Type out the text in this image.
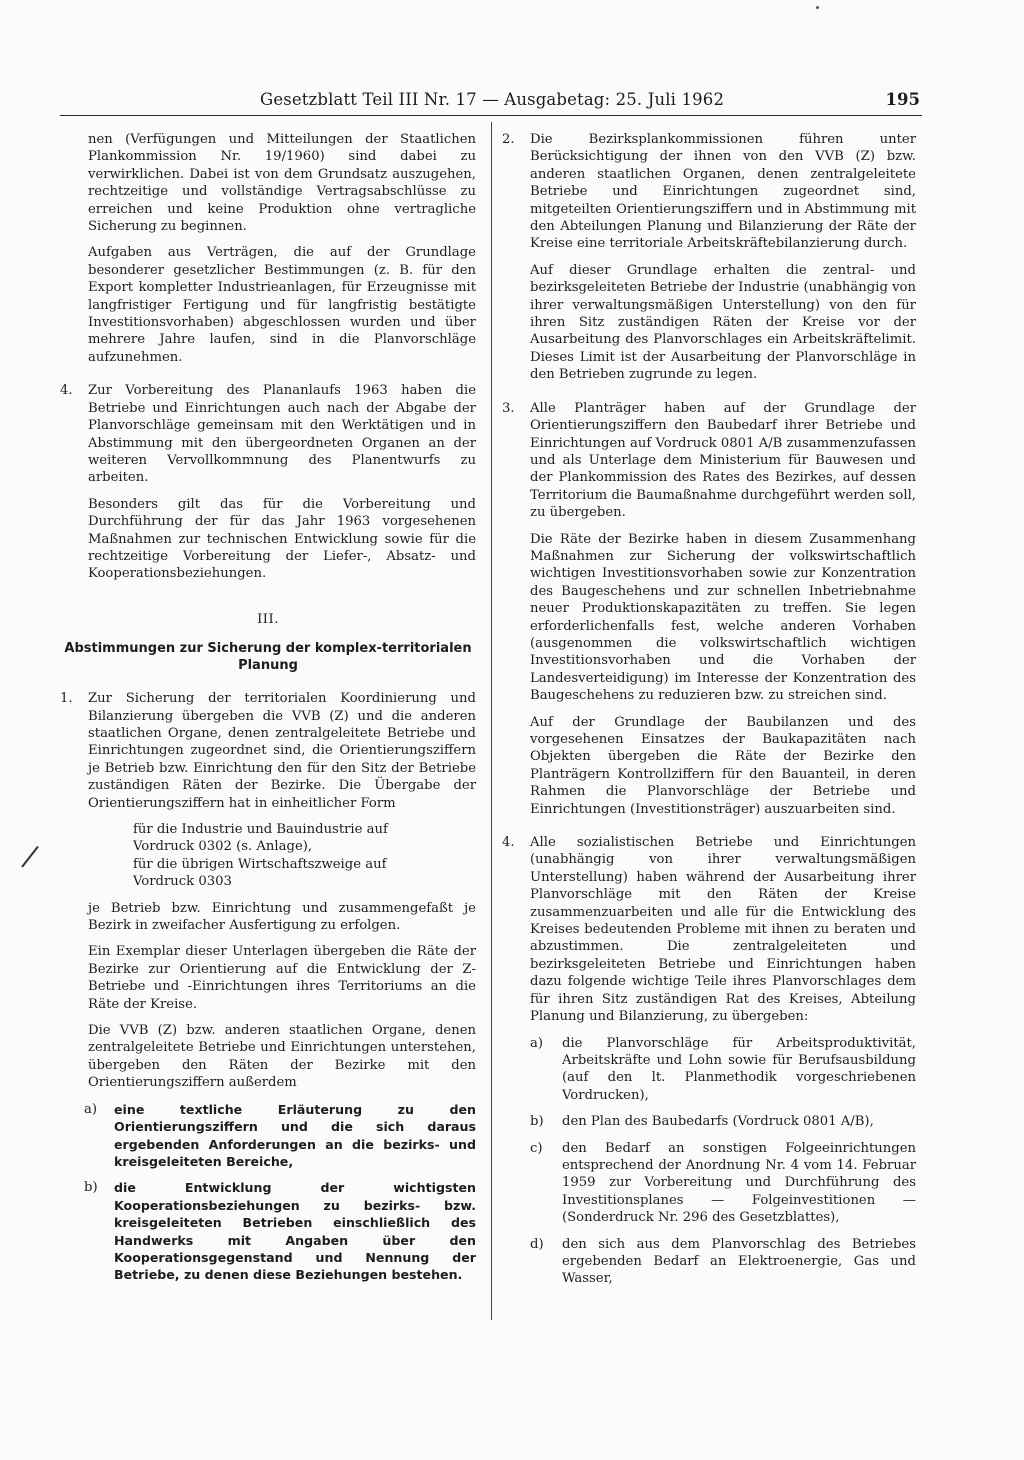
Gesetzblatt Teil III Nr. 17 — Ausgabetag: 25. Juli 1962	195

nen (Verfügungen und Mitteilungen der Staatlichen Plankommission Nr. 19/1960) sind dabei zu verwirklichen. Dabei ist von dem Grundsatz auszugehen, rechtzeitige und vollständige Vertragsabschlüsse zu erreichen und keine Produktion ohne vertragliche Sicherung zu beginnen.

Aufgaben aus Verträgen, die auf der Grundlage besonderer gesetzlicher Bestimmungen (z. B. für den Export kompletter Industrieanlagen, für Erzeugnisse mit langfristiger Fertigung und für langfristig bestätigte Investitionsvorhaben) abgeschlossen wurden und über mehrere Jahre laufen, sind in die Planvorschläge aufzunehmen.

4. Zur Vorbereitung des Plananlaufs 1963 haben die Betriebe und Einrichtungen auch nach der Abgabe der Planvorschläge gemeinsam mit den Werktätigen und in Abstimmung mit den übergeordneten Organen an der weiteren Vervollkommnung des Planentwurfs zu arbeiten.

Besonders gilt das für die Vorbereitung und Durchführung der für das Jahr 1963 vorgesehenen Maßnahmen zur technischen Entwicklung sowie für die rechtzeitige Vorbereitung der Liefer-, Absatz- und Kooperationsbeziehungen.

III.

Abstimmungen zur Sicherung der komplex-territorialen Planung

1. Zur Sicherung der territorialen Koordinierung und Bilanzierung übergeben die VVB (Z) und die anderen staatlichen Organe, denen zentralgeleitete Betriebe und Einrichtungen zugeordnet sind, die Orientierungsziffern je Betrieb bzw. Einrichtung den für den Sitz der Betriebe zuständigen Räten der Bezirke. Die Übergabe der Orientierungsziffern hat in einheitlicher Form

für die Industrie und Bauindustrie auf

Vordruck 0302 (s. Anlage),

für die übrigen Wirtschaftszweige auf

Vordruck 0303

je Betrieb bzw. Einrichtung und zusammengefaßt je Bezirk in zweifacher Ausfertigung zu erfolgen.

Ein Exemplar dieser Unterlagen übergeben die Räte der Bezirke zur Orientierung auf die Entwicklung der Z-Betriebe und -Einrichtungen ihres Territoriums an die Räte der Kreise.

Die VVB (Z) bzw. anderen staatlichen Organe, denen zentralgeleitete Betriebe und Einrichtungen unterstehen, übergeben den Räten der Bezirke mit den Orientierungsziffern außerdem

a) eine textliche Erläuterung zu den Orientierungsziffern und die sich daraus ergebenden Anforderungen an die bezirks- und kreisgeleiteten Bereiche,

b) die Entwicklung der wichtigsten Kooperationsbeziehungen zu bezirks- bzw. kreisgeleiteten Betrieben einschließlich des Handwerks mit Angaben über den Kooperationsgegenstand und Nennung der Betriebe, zu denen diese Beziehungen bestehen.

2. Die Bezirksplankommissionen führen unter Berücksichtigung der ihnen von den VVB (Z) bzw. anderen staatlichen Organen, denen zentralgeleitete Betriebe und Einrichtungen zugeordnet sind, mitgeteilten Orientierungsziffern und in Abstimmung mit den Abteilungen Planung und Bilanzierung der Räte der Kreise eine territoriale Arbeitskräftebilanzierung durch.

Auf dieser Grundlage erhalten die zentral- und bezirksgeleiteten Betriebe der Industrie (unabhängig von ihrer verwaltungsmäßigen Unterstellung) von den für ihren Sitz zuständigen Räten der Kreise vor der Ausarbeitung des Planvorschlages ein Arbeitskräftelimit. Dieses Limit ist der Ausarbeitung der Planvorschläge in den Betrieben zugrunde zu legen.

3. Alle Planträger haben auf der Grundlage der Orientierungsziffern den Baubedarf ihrer Betriebe und Einrichtungen auf Vordruck 0801 A/B zusammenzufassen und als Unterlage dem Ministerium für Bauwesen und der Plankommission des Rates des Bezirkes, auf dessen Territorium die Baumaßnahme durchgeführt werden soll, zu übergeben.

Die Räte der Bezirke haben in diesem Zusammenhang Maßnahmen zur Sicherung der volkswirtschaftlich wichtigen Investitionsvorhaben sowie zur Konzentration des Baugeschehens und zur schnellen Inbetriebnahme neuer Produktionskapazitäten zu treffen. Sie legen erforderlichenfalls fest, welche anderen Vorhaben (ausgenommen die volkswirtschaftlich wichtigen Investitionsvorhaben und die Vorhaben der Landesverteidigung) im Interesse der Konzentration des Baugeschehens zu reduzieren bzw. zu streichen sind.

Auf der Grundlage der Baubilanzen und des vorgesehenen Einsatzes der Baukapazitäten nach Objekten übergeben die Räte der Bezirke den Planträgern Kontrollziffern für den Bauanteil, in deren Rahmen die Planvorschläge der Betriebe und Einrichtungen (Investitionsträger) auszuarbeiten sind.

4. Alle sozialistischen Betriebe und Einrichtungen (unabhängig von ihrer verwaltungsmäßigen Unterstellung) haben während der Ausarbeitung ihrer Planvorschläge mit den Räten der Kreise zusammenzuarbeiten und alle für die Entwicklung des Kreises bedeutenden Probleme mit ihnen zu beraten und abzustimmen. Die zentralgeleiteten und bezirksgeleiteten Betriebe und Einrichtungen haben dazu folgende wichtige Teile ihres Planvorschlages dem für ihren Sitz zuständigen Rat des Kreises, Abteilung Planung und Bilanzierung, zu übergeben:

a) die Planvorschläge für Arbeitsproduktivität, Arbeitskräfte und Lohn sowie für Berufsausbildung (auf den lt. Planmethodik vorgeschriebenen Vordrucken),

b) den Plan des Baubedarfs (Vordruck 0801 A/B),

c) den Bedarf an sonstigen Folgeeinrichtungen entsprechend der Anordnung Nr. 4 vom 14. Februar 1959 zur Vorbereitung und Durchführung des Investitionsplanes — Folgeinvestitionen — (Sonderdruck Nr. 296 des Gesetzblattes),

d) den sich aus dem Planvorschlag des Betriebes ergebenden Bedarf an Elektroenergie, Gas und Wasser,
